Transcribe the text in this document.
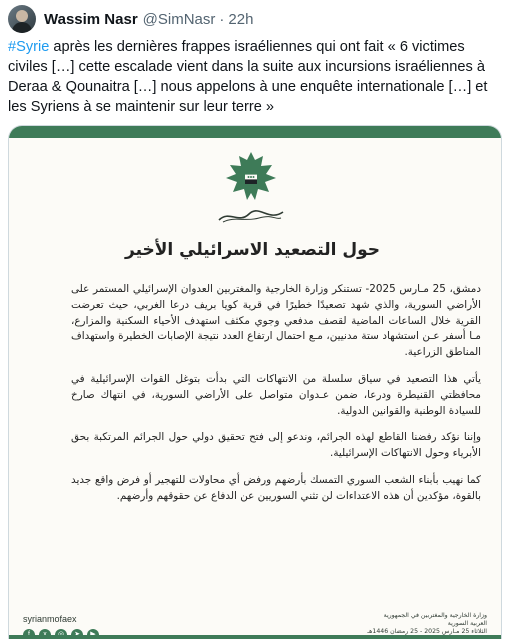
Wassim Nasr @SimNasr · 22h
#Syrie après les dernières frappes israéliennes qui ont fait « 6 victimes civiles […] cette escalade vient dans la suite aux incursions israéliennes à Deraa & Qounaitra […] nous appelons à une enquête internationale […] et les Syriens à se maintenir sur leur terre »
حول التصعيد الاسرائيلي الأخير

دمشق، 25 مـارس 2025- تستنكر وزارة الخارجية والمغتربين العدوان الإسرائيلي المستمر على الأراضي السورية، والذي شهد تصعيدًا خطيرًا في قرية كويا بريف درعا الغربي، حيث تعرضت القرية خلال الساعات الماضية لقصف مدفعي وجوي مكثف استهدف الأحياء السكنية والمزارع، مـا أسفر عـن استشهاد ستة مدنيين، مـع احتمال ارتفاع العدد نتيجة الإصابات الخطيرة واستهداف المناطق الزراعية.

يأتي هذا التصعيد في سياق سلسلة من الانتهاكات التي بدأت بتوغل القوات الإسرائيلية في محافظتي القنيطرة ودرعا، ضمن عـدوان متواصل على الأراضي السورية، في انتهاك صارخ للسيادة الوطنية والقوانين الدولية.

وإننا نؤكد رفضنا القاطع لهذه الجرائم، وندعو إلى فتح تحقيق دولي حول الجرائم المرتكبة بحق الأبرياء وحول الانتهاكات الإسرائيلية.

كما نهيب بأبناء الشعب السوري التمسك بأرضهم ورفض أي محاولات للتهجير أو فرض واقع جديد بالقوة، مؤكدين أن هذه الاعتداءات لن تثني السوريين عن الدفاع عن حقوقهم وأرضهم.

syrianmofaex	وزارة الخارجية والمغتربين في الجمهورية العربية السورية
الثلاثاء 25 مـارس 2025 - 25 رمضان 1446هـ
